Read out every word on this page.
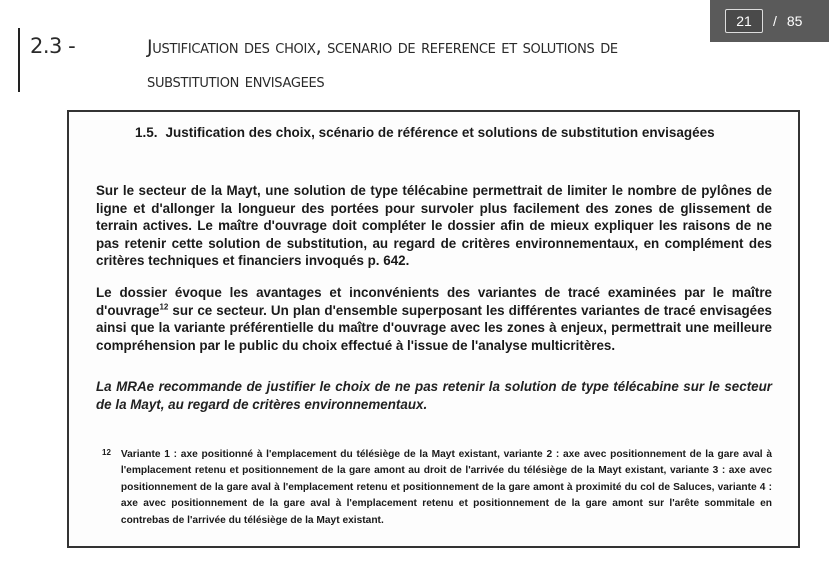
2.3 -	Justification des choix, scenario de reference et solutions de substitution envisagees
21	/ 85
1.5. Justification des choix, scénario de référence et solutions de substitution envisagées
Sur le secteur de la Mayt, une solution de type télécabine permettrait de limiter le nombre de pylônes de ligne et d'allonger la longueur des portées pour survoler plus facilement des zones de glissement de terrain actives. Le maître d'ouvrage doit compléter le dossier afin de mieux expliquer les raisons de ne pas retenir cette solution de substitution, au regard de critères environnementaux, en complément des critères techniques et financiers invoqués p. 642.
Le dossier évoque les avantages et inconvénients des variantes de tracé examinées par le maître d'ouvrage$^{12}$ sur ce secteur. Un plan d'ensemble superposant les différentes variantes de tracé envisagées ainsi que la variante préférentielle du maître d'ouvrage avec les zones à enjeux, permettrait une meilleure compréhension par le public du choix effectué à l'issue de l'analyse multicritères.
La MRAe recommande de justifier le choix de ne pas retenir la solution de type télécabine sur le secteur de la Mayt, au regard de critères environnementaux.
12 Variante 1 : axe positionné à l'emplacement du télésiège de la Mayt existant, variante 2 : axe avec positionnement de la gare aval à l'emplacement retenu et positionnement de la gare amont au droit de l'arrivée du télésiège de la Mayt existant, variante 3 : axe avec positionnement de la gare aval à l'emplacement retenu et positionnement de la gare amont à proximité du col de Saluces, variante 4 : axe avec positionnement de la gare aval à l'emplacement retenu et positionnement de la gare amont sur l'arête sommitale en contrebas de l'arrivée du télésiège de la Mayt existant.
